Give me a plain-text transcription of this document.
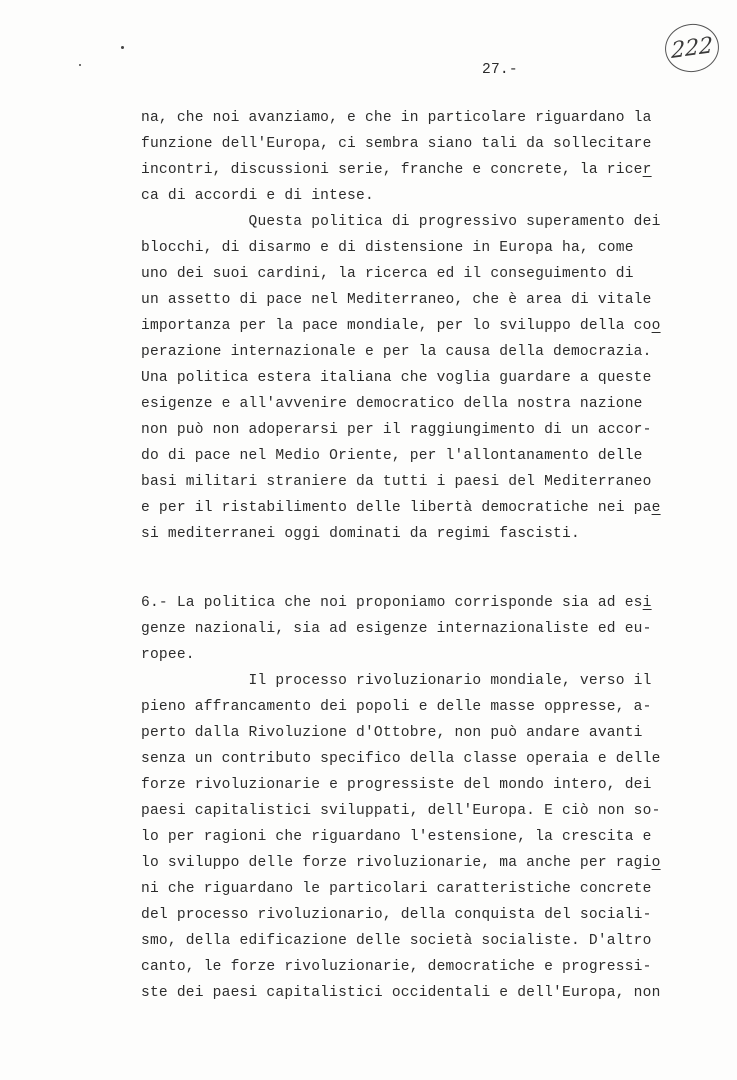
222
27.-
na, che noi avanziamo, e che in particolare riguardano la
funzione dell'Europa, ci sembra siano tali da sollecitare
incontri, discussioni serie, franche e concrete, la ricer
ca di accordi e di intese.
Questa politica di progressivo superamento dei
blocchi, di disarmo e di distensione in Europa ha, come
uno dei suoi cardini, la ricerca ed il conseguimento di
un assetto di pace nel Mediterraneo, che è area di vitale
importanza per la pace mondiale, per lo sviluppo della coo
perazione internazionale e per la causa della democrazia.
Una politica estera italiana che voglia guardare a queste
esigenze e all'avvenire democratico della nostra nazione
non può non adoperarsi per il raggiungimento di un accor-
do di pace nel Medio Oriente, per l'allontanamento delle
basi militari straniere da tutti i paesi del Mediterraneo
e per il ristabilimento delle libertà democratiche nei pae
si mediterranei oggi dominati da regimi fascisti.
6.- La politica che noi proponiamo corrisponde sia ad esi
genze nazionali, sia ad esigenze internazionaliste ed eu-
ropee.
Il processo rivoluzionario mondiale, verso il
pieno affrancamento dei popoli e delle masse oppresse, a-
perto dalla Rivoluzione d'Ottobre, non può andare avanti
senza un contributo specifico della classe operaia e delle
forze rivoluzionarie e progressiste del mondo intero, dei
paesi capitalistici sviluppati, dell'Europa. E ciò non so-
lo per ragioni che riguardano l'estensione, la crescita e
lo sviluppo delle forze rivoluzionarie, ma anche per ragio
ni che riguardano le particolari caratteristiche concrete
del processo rivoluzionario, della conquista del sociali-
smo, della edificazione delle società socialiste. D'altro
canto, le forze rivoluzionarie, democratiche e progressi-
ste dei paesi capitalistici occidentali e dell'Europa, non
